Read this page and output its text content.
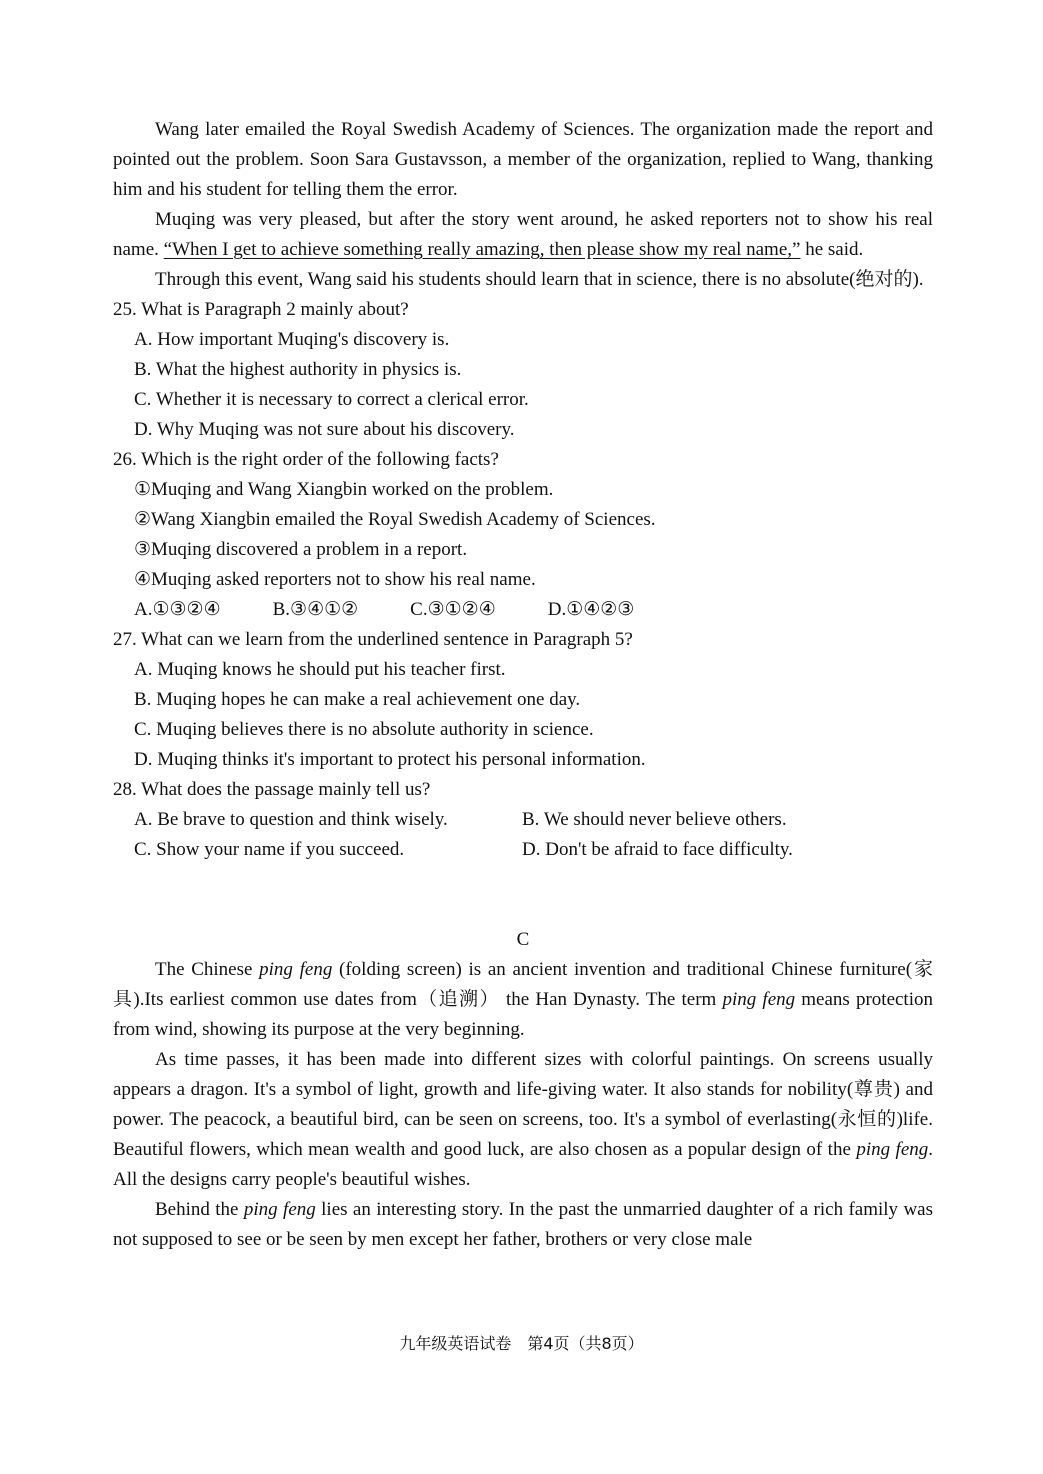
Wang later emailed the Royal Swedish Academy of Sciences. The organization made the report and pointed out the problem. Soon Sara Gustavsson, a member of the organization, replied to Wang, thanking him and his student for telling them the error.

Muqing was very pleased, but after the story went around, he asked reporters not to show his real name. “When I get to achieve something really amazing, then please show my real name,” he said.

Through this event, Wang said his students should learn that in science, there is no absolute(绝对的).

25. What is Paragraph 2 mainly about?

A. How important Muqing's discovery is.

B. What the highest authority in physics is.

C. Whether it is necessary to correct a clerical error.

D. Why Muqing was not sure about his discovery.

26. Which is the right order of the following facts?

①Muqing and Wang Xiangbin worked on the problem.

②Wang Xiangbin emailed the Royal Swedish Academy of Sciences.

③Muqing discovered a problem in a report.

④Muqing asked reporters not to show his real name.

A.①③②④	B.③④①②	C.③①②④	D.①④②③

27. What can we learn from the underlined sentence in Paragraph 5?

A. Muqing knows he should put his teacher first.

B. Muqing hopes he can make a real achievement one day.

C. Muqing believes there is no absolute authority in science.

D. Muqing thinks it's important to protect his personal information.

28. What does the passage mainly tell us?

A. Be brave to question and think wisely.	B. We should never believe others.
C. Show your name if you succeed.	D. Don't be afraid to face difficulty.

C

The Chinese ping feng (folding screen) is an ancient invention and traditional Chinese furniture(家具).Its earliest common use dates from（追溯） the Han Dynasty. The term ping feng means protection from wind, showing its purpose at the very beginning.

As time passes, it has been made into different sizes with colorful paintings. On screens usually appears a dragon. It's a symbol of light, growth and life-giving water. It also stands for nobility(尊贵) and power. The peacock, a beautiful bird, can be seen on screens, too. It's a symbol of everlasting(永恒的)life. Beautiful flowers, which mean wealth and good luck, are also chosen as a popular design of the ping feng. All the designs carry people's beautiful wishes.

Behind the ping feng lies an interesting story. In the past the unmarried daughter of a rich family was not supposed to see or be seen by men except her father, brothers or very close male

九年级英语试卷　第4页（共8页）
